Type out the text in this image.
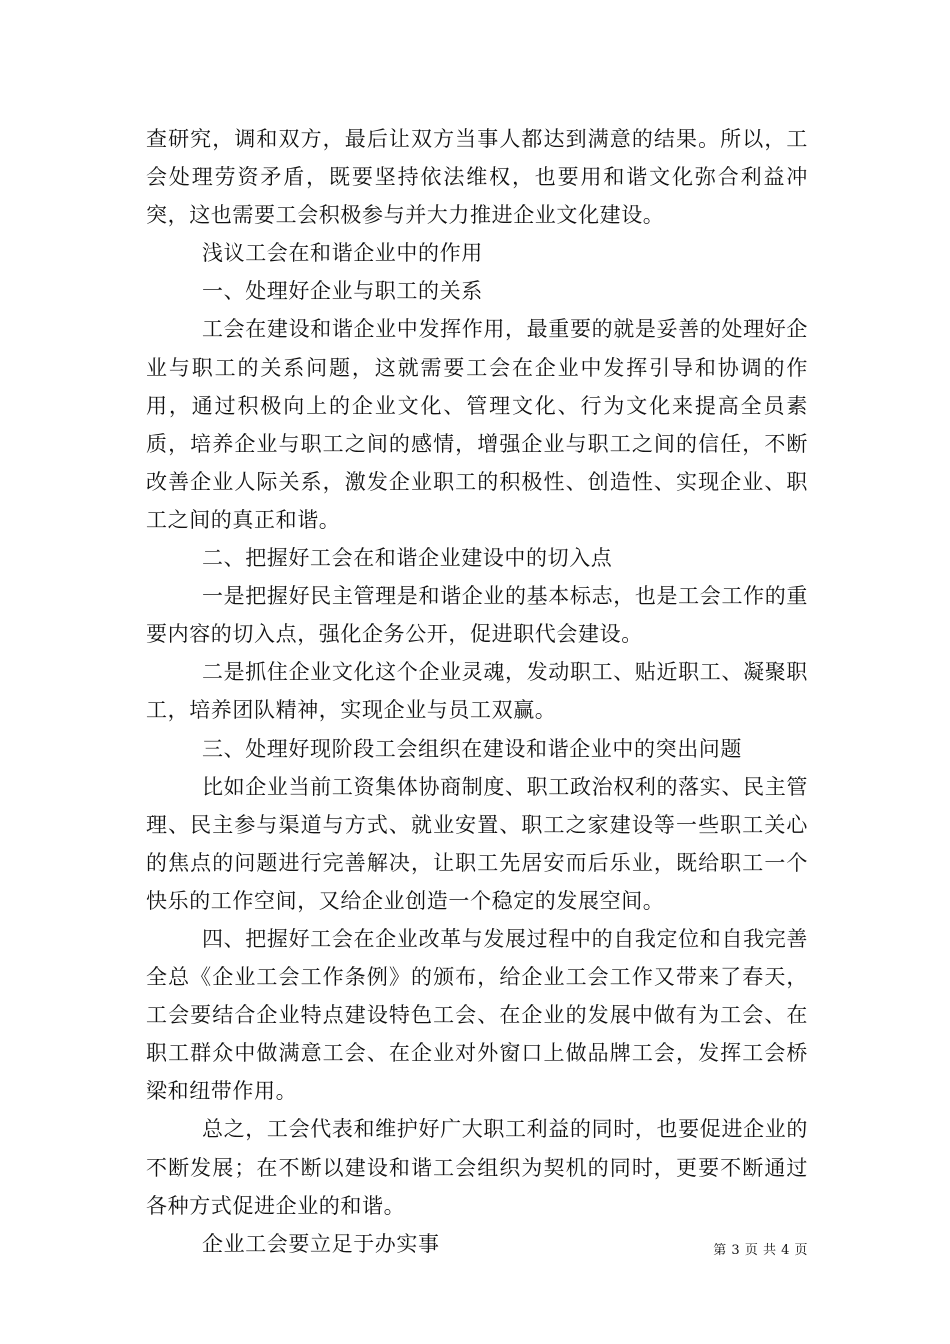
查研究，调和双方，最后让双方当事人都达到满意的结果。所以，工会处理劳资矛盾，既要坚持依法维权，也要用和谐文化弥合利益冲突，这也需要工会积极参与并大力推进企业文化建设。

浅议工会在和谐企业中的作用

一、处理好企业与职工的关系

工会在建设和谐企业中发挥作用，最重要的就是妥善的处理好企业与职工的关系问题，这就需要工会在企业中发挥引导和协调的作用，通过积极向上的企业文化、管理文化、行为文化来提高全员素质，培养企业与职工之间的感情，增强企业与职工之间的信任，不断改善企业人际关系，激发企业职工的积极性、创造性、实现企业、职工之间的真正和谐。

二、把握好工会在和谐企业建设中的切入点

一是把握好民主管理是和谐企业的基本标志，也是工会工作的重要内容的切入点，强化企务公开，促进职代会建设。

二是抓住企业文化这个企业灵魂，发动职工、贴近职工、凝聚职工，培养团队精神，实现企业与员工双赢。

三、处理好现阶段工会组织在建设和谐企业中的突出问题

比如企业当前工资集体协商制度、职工政治权利的落实、民主管理、民主参与渠道与方式、就业安置、职工之家建设等一些职工关心的焦点的问题进行完善解决，让职工先居安而后乐业，既给职工一个快乐的工作空间，又给企业创造一个稳定的发展空间。

四、把握好工会在企业改革与发展过程中的自我定位和自我完善全总《企业工会工作条例》的颁布，给企业工会工作又带来了春天，工会要结合企业特点建设特色工会、在企业的发展中做有为工会、在职工群众中做满意工会、在企业对外窗口上做品牌工会，发挥工会桥梁和纽带作用。

总之，工会代表和维护好广大职工利益的同时，也要促进企业的不断发展；在不断以建设和谐工会组织为契机的同时，更要不断通过各种方式促进企业的和谐。

企业工会要立足于办实事	第 3 页 共 4 页
